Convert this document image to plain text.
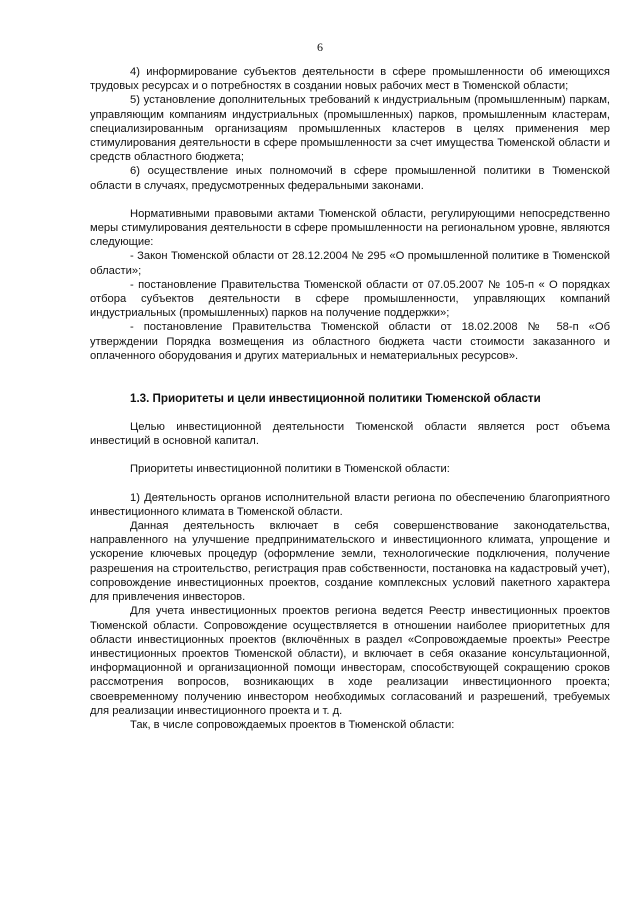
6

4) информирование субъектов деятельности в сфере промышленности об имеющихся трудовых ресурсах и о потребностях в создании новых рабочих мест в Тюменской области;

5) установление дополнительных требований к индустриальным (промышленным) паркам, управляющим компаниям индустриальных (промышленных) парков, промышленным кластерам, специализированным организациям промышленных кластеров в целях применения мер стимулирования деятельности в сфере промышленности за счет имущества Тюменской области и средств областного бюджета;

6) осуществление иных полномочий в сфере промышленной политики в Тюменской области в случаях, предусмотренных федеральными законами.

Нормативными правовыми актами Тюменской области, регулирующими непосредственно меры стимулирования деятельности в сфере промышленности на региональном уровне, являются следующие:

- Закон Тюменской области от 28.12.2004 № 295 «О промышленной политике в Тюменской области»;

- постановление Правительства Тюменской области от 07.05.2007 № 105-п « О порядках отбора субъектов деятельности в сфере промышленности, управляющих компаний индустриальных (промышленных) парков на получение поддержки»;

- постановление Правительства Тюменской области от 18.02.2008 № 58-п «Об утверждении Порядка возмещения из областного бюджета части стоимости заказанного и оплаченного оборудования и других материальных и нематериальных ресурсов».

1.3. Приоритеты и цели инвестиционной политики Тюменской области

Целью инвестиционной деятельности Тюменской области является рост объема инвестиций в основной капитал.

Приоритеты инвестиционной политики в Тюменской области:

1) Деятельность органов исполнительной власти региона по обеспечению благоприятного инвестиционного климата в Тюменской области.

Данная деятельность включает в себя совершенствование законодательства, направленного на улучшение предпринимательского и инвестиционного климата, упрощение и ускорение ключевых процедур (оформление земли, технологические подключения, получение разрешения на строительство, регистрация прав собственности, постановка на кадастровый учет), сопровождение инвестиционных проектов, создание комплексных условий пакетного характера для привлечения инвесторов.

Для учета инвестиционных проектов региона ведется Реестр инвестиционных проектов Тюменской области. Сопровождение осуществляется в отношении наиболее приоритетных для области инвестиционных проектов (включённых в раздел «Сопровождаемые проекты» Реестре инвестиционных проектов Тюменской области), и включает в себя оказание консультационной, информационной и организационной помощи инвесторам, способствующей сокращению сроков рассмотрения вопросов, возникающих в ходе реализации инвестиционного проекта; своевременному получению инвестором необходимых согласований и разрешений, требуемых для реализации инвестиционного проекта и т. д.

Так, в числе сопровождаемых проектов в Тюменской области:
